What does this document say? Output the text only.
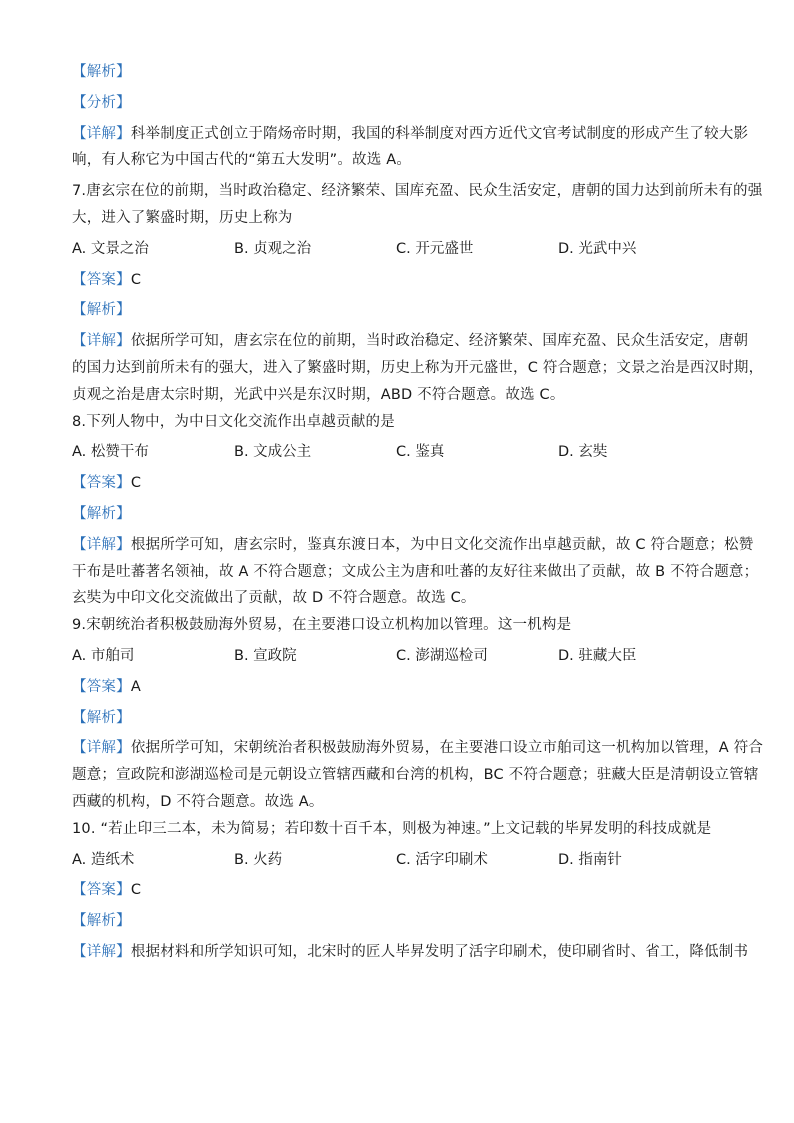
【解析】
【分析】
【详解】科举制度正式创立于隋炀帝时期，我国的科举制度对西方近代文官考试制度的形成产生了较大影
响，有人称它为中国古代的“第五大发明”。故选 A。
7.唐玄宗在位的前期，当时政治稳定、经济繁荣、国库充盈、民众生活安定，唐朝的国力达到前所未有的强
大，进入了繁盛时期，历史上称为
A. 文景之治	B. 贞观之治	C. 开元盛世	D. 光武中兴
【答案】C
【解析】
【详解】依据所学可知，唐玄宗在位的前期，当时政治稳定、经济繁荣、国库充盈、民众生活安定，唐朝
的国力达到前所未有的强大，进入了繁盛时期，历史上称为开元盛世，C 符合题意；文景之治是西汉时期，
贞观之治是唐太宗时期，光武中兴是东汉时期，ABD 不符合题意。故选 C。
8.下列人物中，为中日文化交流作出卓越贡献的是
A. 松赞干布	B. 文成公主	C. 鉴真	D. 玄奘
【答案】C
【解析】
【详解】根据所学可知，唐玄宗时，鉴真东渡日本，为中日文化交流作出卓越贡献，故 C 符合题意；松赞
干布是吐蕃著名领袖，故 A 不符合题意；文成公主为唐和吐蕃的友好往来做出了贡献，故 B 不符合题意；
玄奘为中印文化交流做出了贡献，故 D 不符合题意。故选 C。
9.宋朝统治者积极鼓励海外贸易，在主要港口设立机构加以管理。这一机构是
A. 市舶司	B. 宣政院	C. 澎湖巡检司	D. 驻藏大臣
【答案】A
【解析】
【详解】依据所学可知，宋朝统治者积极鼓励海外贸易，在主要港口设立市舶司这一机构加以管理，A 符合
题意；宣政院和澎湖巡检司是元朝设立管辖西藏和台湾的机构，BC 不符合题意；驻藏大臣是清朝设立管辖
西藏的机构，D 不符合题意。故选 A。
10. “若止印三二本，未为简易；若印数十百千本，则极为神速。”上文记载的毕昇发明的科技成就是
A. 造纸术	B. 火药	C. 活字印刷术	D. 指南针
【答案】C
【解析】
【详解】根据材料和所学知识可知，北宋时的匠人毕昇发明了活字印刷术，使印刷省时、省工，降低制书
